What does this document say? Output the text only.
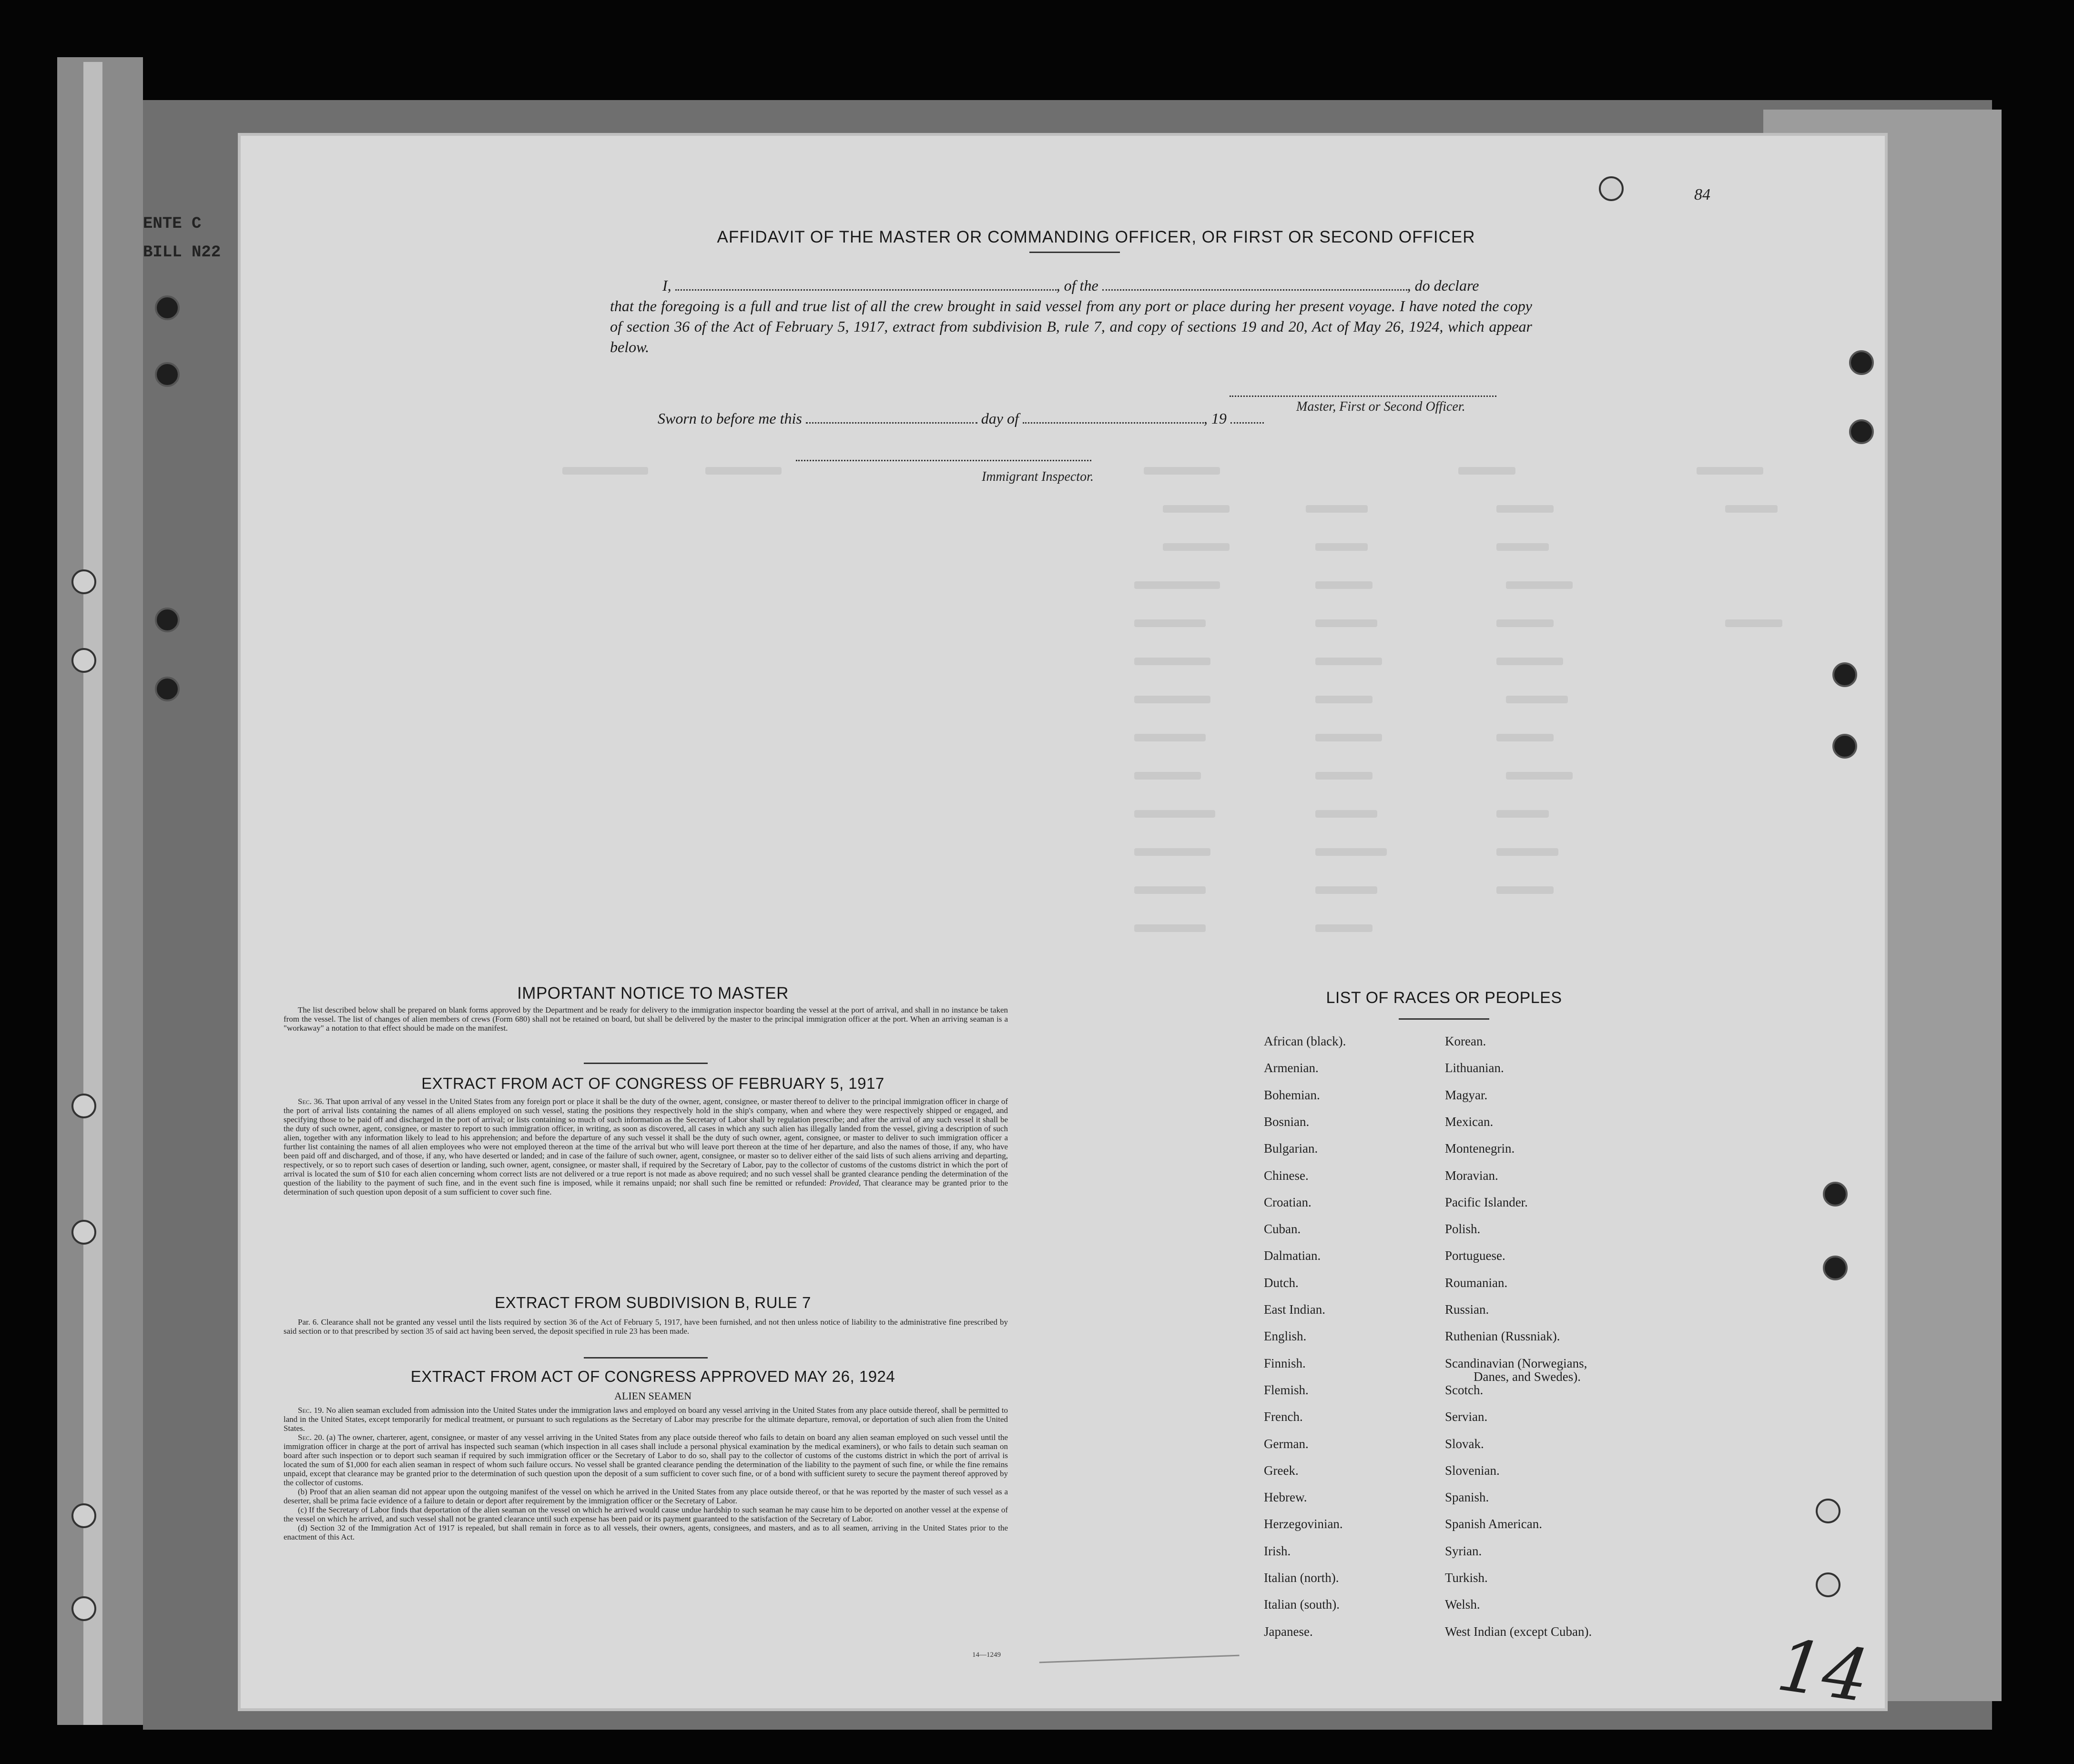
ENTE C
BILL N22
84
AFFIDAVIT OF THE MASTER OR COMMANDING OFFICER, OR FIRST OR SECOND OFFICER
I,	, of the	, do declare
that the foregoing is a full and true list of all the crew brought in said vessel from any port or place during her present voyage. I have noted the copy of section 36 of the Act of February 5, 1917, extract from subdivision B, rule 7, and copy of sections 19 and 20, Act of May 26, 1924, which appear below.
Master, First or Second Officer.
Sworn to before me this	day of	, 19
Immigrant Inspector.
IMPORTANT NOTICE TO MASTER

The list described below shall be prepared on blank forms approved by the Department and be ready for delivery to the immigration inspector boarding the vessel at the port of arrival, and shall in no instance be taken from the vessel. The list of changes of alien members of crews (Form 680) shall not be retained on board, but shall be delivered by the master to the principal immigration officer at the port. When an arriving seaman is a "workaway" a notation to that effect should be made on the manifest.

EXTRACT FROM ACT OF CONGRESS OF FEBRUARY 5, 1917

Sec. 36. That upon arrival of any vessel in the United States from any foreign port or place it shall be the duty of the owner, agent, consignee, or master thereof to deliver to the principal immigration officer in charge of the port of arrival lists containing the names of all aliens employed on such vessel, stating the positions they respectively hold in the ship's company, when and where they were respectively shipped or engaged, and specifying those to be paid off and discharged in the port of arrival; or lists containing so much of such information as the Secretary of Labor shall by regulation prescribe; and after the arrival of any such vessel it shall be the duty of such owner, agent, consignee, or master to report to such immigration officer, in writing, as soon as discovered, all cases in which any such alien has illegally landed from the vessel, giving a description of such alien, together with any information likely to lead to his apprehension; and before the departure of any such vessel it shall be the duty of such owner, agent, consignee, or master to deliver to such immigration officer a further list containing the names of all alien employees who were not employed thereon at the time of the arrival but who will leave port thereon at the time of her departure, and also the names of those, if any, who have been paid off and discharged, and of those, if any, who have deserted or landed; and in case of the failure of such owner, agent, consignee, or master so to deliver either of the said lists of such aliens arriving and departing, respectively, or so to report such cases of desertion or landing, such owner, agent, consignee, or master shall, if required by the Secretary of Labor, pay to the collector of customs of the customs district in which the port of arrival is located the sum of $10 for each alien concerning whom correct lists are not delivered or a true report is not made as above required; and no such vessel shall be granted clearance pending the determination of the question of the liability to the payment of such fine, and in the event such fine is imposed, while it remains unpaid; nor shall such fine be remitted or refunded: Provided, That clearance may be granted prior to the determination of such question upon deposit of a sum sufficient to cover such fine.

EXTRACT FROM SUBDIVISION B, RULE 7

Par. 6. Clearance shall not be granted any vessel until the lists required by section 36 of the Act of February 5, 1917, have been furnished, and not then unless notice of liability to the administrative fine prescribed by said section or to that prescribed by section 35 of said act having been served, the deposit specified in rule 23 has been made.

EXTRACT FROM ACT OF CONGRESS APPROVED MAY 26, 1924
ALIEN SEAMEN

Sec. 19. No alien seaman excluded from admission into the United States under the immigration laws and employed on board any vessel arriving in the United States from any place outside thereof, shall be permitted to land in the United States, except temporarily for medical treatment, or pursuant to such regulations as the Secretary of Labor may prescribe for the ultimate departure, removal, or deportation of such alien from the United States.

Sec. 20. (a) The owner, charterer, agent, consignee, or master of any vessel arriving in the United States from any place outside thereof who fails to detain on board any alien seaman employed on such vessel until the immigration officer in charge at the port of arrival has inspected such seaman (which inspection in all cases shall include a personal physical examination by the medical examiners), or who fails to detain such seaman on board after such inspection or to deport such seaman if required by such immigration officer or the Secretary of Labor to do so, shall pay to the collector of customs of the customs district in which the port of arrival is located the sum of $1,000 for each alien seaman in respect of whom such failure occurs. No vessel shall be granted clearance pending the determination of the liability to the payment of such fine, or while the fine remains unpaid, except that clearance may be granted prior to the determination of such question upon the deposit of a sum sufficient to cover such fine, or of a bond with sufficient surety to secure the payment thereof approved by the collector of customs.

(b) Proof that an alien seaman did not appear upon the outgoing manifest of the vessel on which he arrived in the United States from any place outside thereof, or that he was reported by the master of such vessel as a deserter, shall be prima facie evidence of a failure to detain or deport after requirement by the immigration officer or the Secretary of Labor.

(c) If the Secretary of Labor finds that deportation of the alien seaman on the vessel on which he arrived would cause undue hardship to such seaman he may cause him to be deported on another vessel at the expense of the vessel on which he arrived, and such vessel shall not be granted clearance until such expense has been paid or its payment guaranteed to the satisfaction of the Secretary of Labor.

(d) Section 32 of the Immigration Act of 1917 is repealed, but shall remain in force as to all vessels, their owners, agents, consignees, and masters, and as to all seamen, arriving in the United States prior to the enactment of this Act.

14—1249
LIST OF RACES OR PEOPLES
African (black).
Armenian.
Bohemian.
Bosnian.
Bulgarian.
Chinese.
Croatian.
Cuban.
Dalmatian.
Dutch.
East Indian.
English.
Finnish.
Flemish.
French.
German.
Greek.
Hebrew.
Herzegovinian.
Irish.
Italian (north).
Italian (south).
Japanese.
Korean.
Lithuanian.
Magyar.
Mexican.
Montenegrin.
Moravian.
Pacific Islander.
Polish.
Portuguese.
Roumanian.
Russian.
Ruthenian (Russniak).
Scandinavian (Norwegians,
Danes, and Swedes).
Scotch.
Servian.
Slovak.
Slovenian.
Spanish.
Spanish American.
Syrian.
Turkish.
Welsh.
West Indian (except Cuban).	14
